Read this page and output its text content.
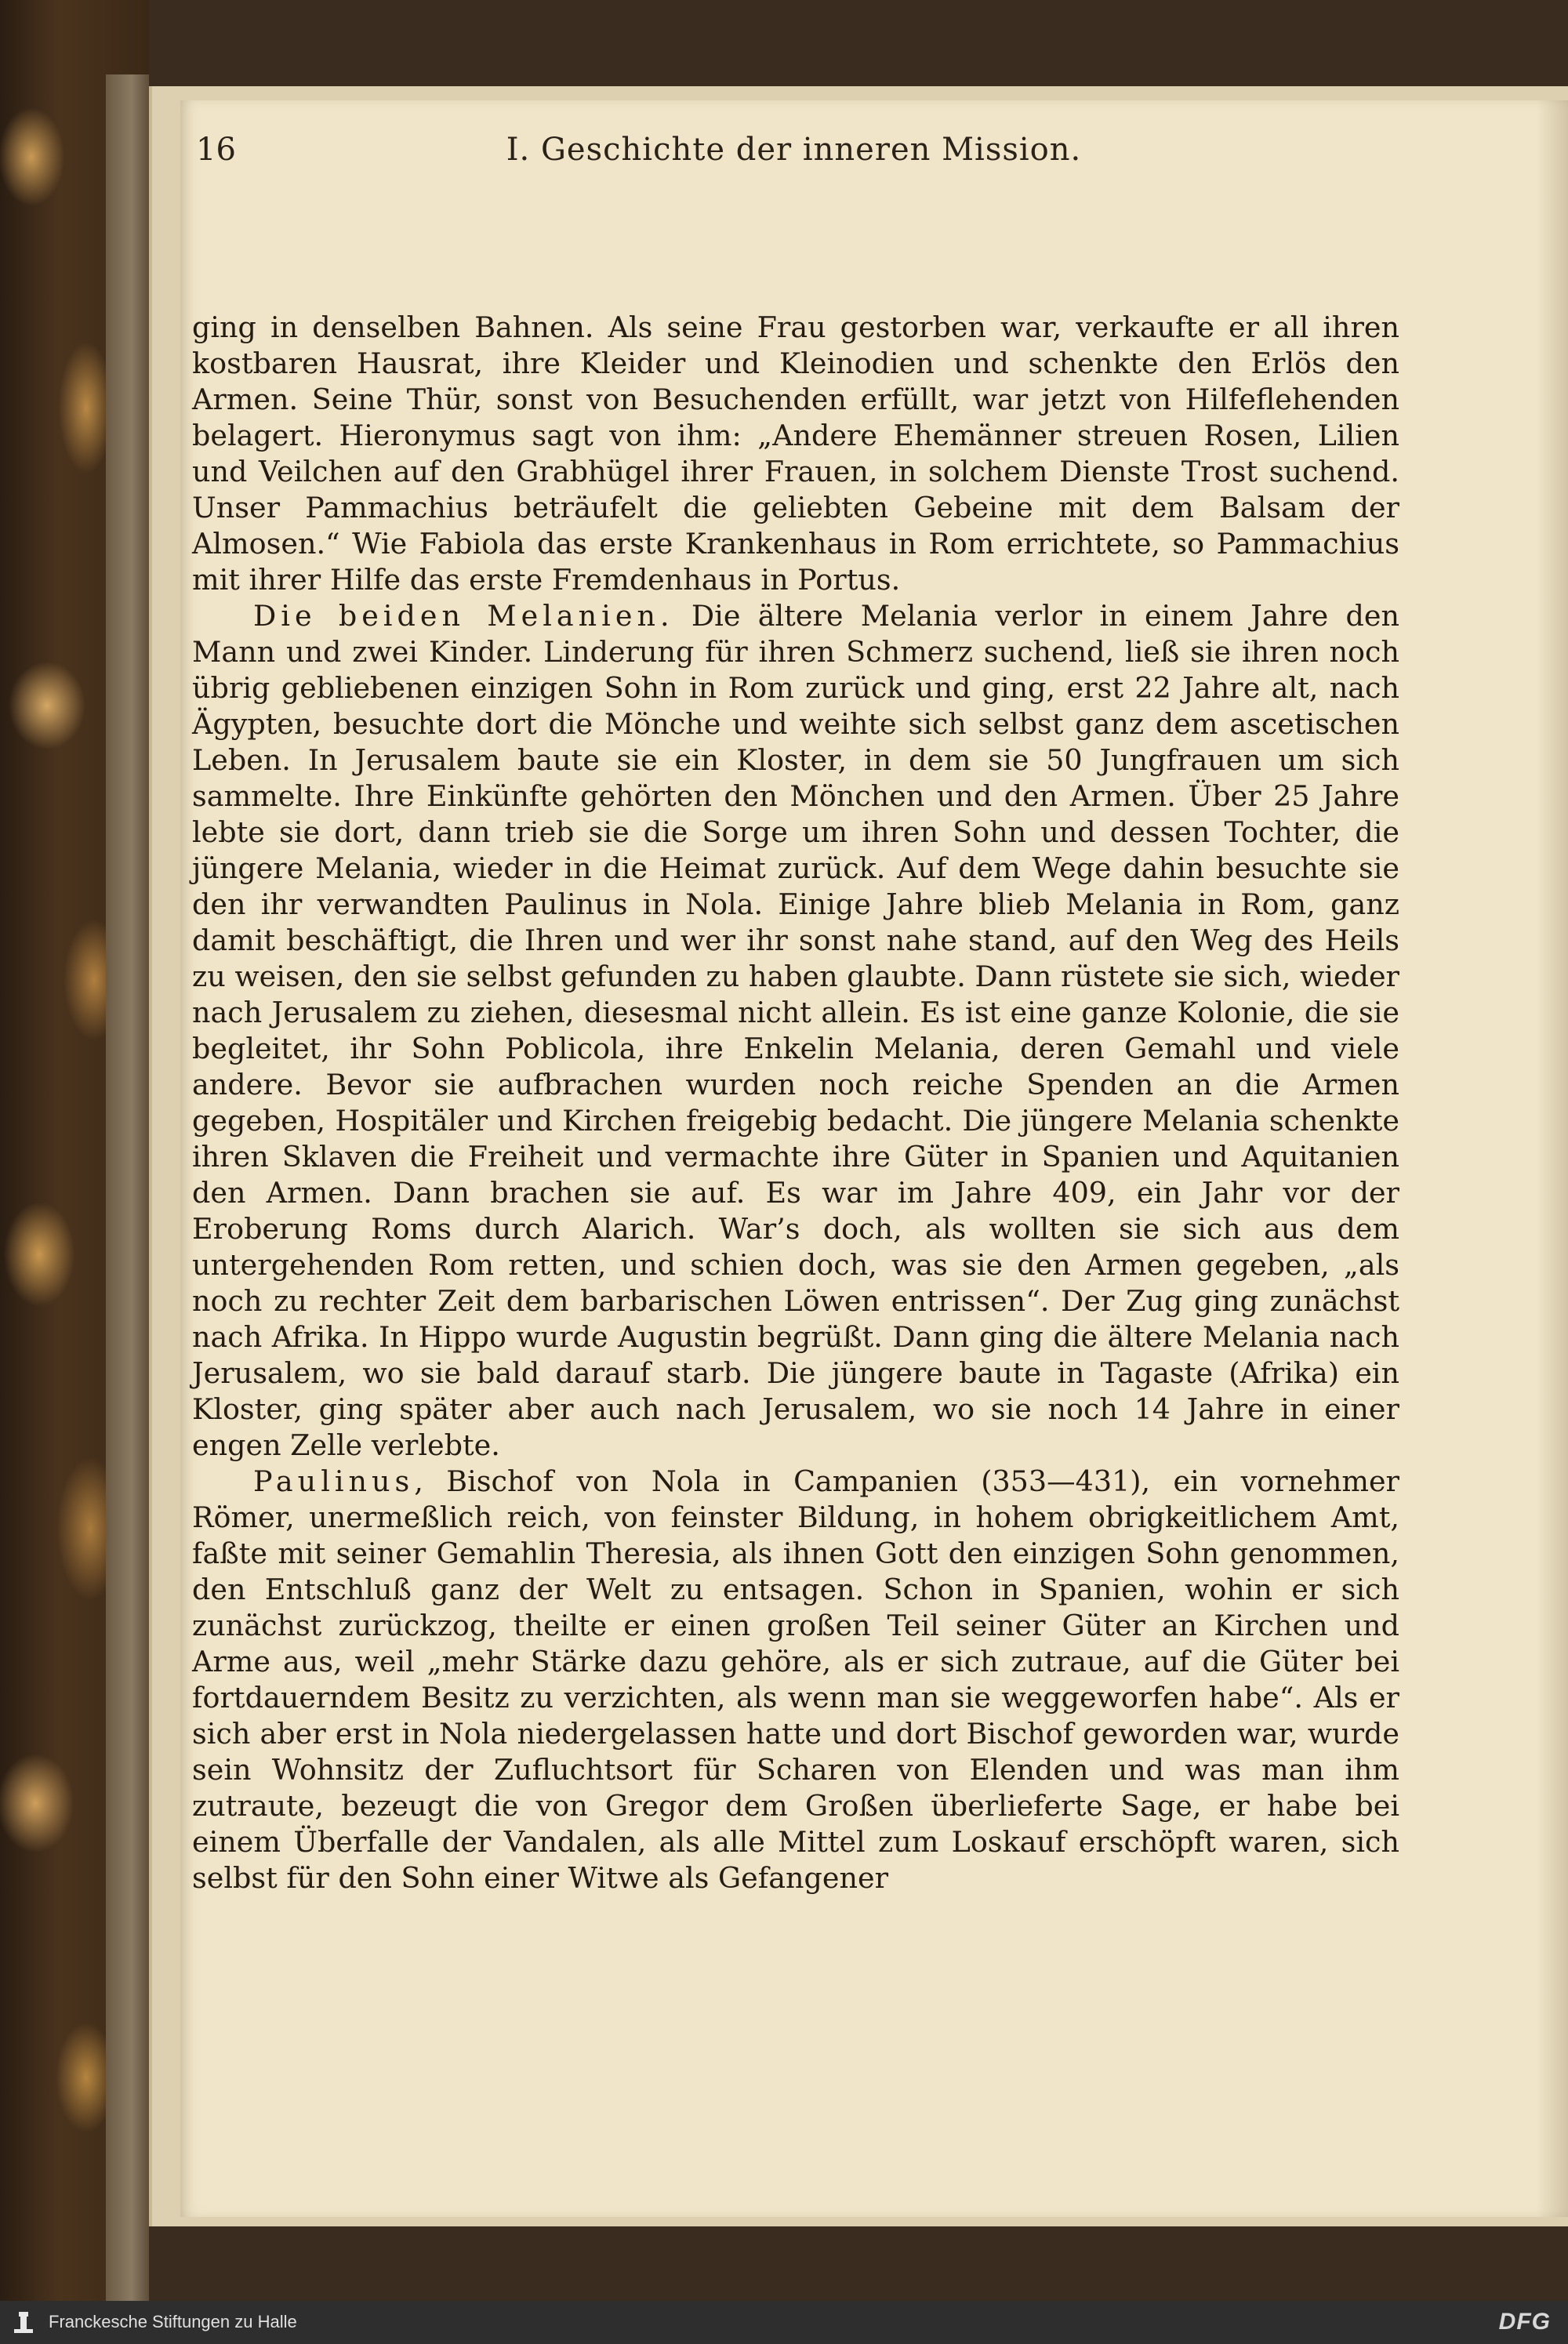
16	I. Geschichte der inneren Mission.

ging in denselben Bahnen. Als seine Frau gestorben war, verkaufte er all ihren kostbaren Hausrat, ihre Kleider und Kleinodien und schenkte den Erlös den Armen. Seine Thür, sonst von Besuchenden erfüllt, war jetzt von Hilfeflehenden belagert. Hieronymus sagt von ihm: „Andere Ehemänner streuen Rosen, Lilien und Veilchen auf den Grabhügel ihrer Frauen, in solchem Dienste Trost suchend. Unser Pammachius beträufelt die geliebten Gebeine mit dem Balsam der Almosen.“ Wie Fabiola das erste Krankenhaus in Rom errichtete, so Pammachius mit ihrer Hilfe das erste Fremdenhaus in Portus.

Die beiden Melanien. Die ältere Melania verlor in einem Jahre den Mann und zwei Kinder. Linderung für ihren Schmerz suchend, ließ sie ihren noch übrig gebliebenen einzigen Sohn in Rom zurück und ging, erst 22 Jahre alt, nach Ägypten, besuchte dort die Mönche und weihte sich selbst ganz dem ascetischen Leben. In Jerusalem baute sie ein Kloster, in dem sie 50 Jungfrauen um sich sammelte. Ihre Einkünfte gehörten den Mönchen und den Armen. Über 25 Jahre lebte sie dort, dann trieb sie die Sorge um ihren Sohn und dessen Tochter, die jüngere Melania, wieder in die Heimat zurück. Auf dem Wege dahin besuchte sie den ihr verwandten Paulinus in Nola. Einige Jahre blieb Melania in Rom, ganz damit beschäftigt, die Ihren und wer ihr sonst nahe stand, auf den Weg des Heils zu weisen, den sie selbst gefunden zu haben glaubte. Dann rüstete sie sich, wieder nach Jerusalem zu ziehen, diesesmal nicht allein. Es ist eine ganze Kolonie, die sie begleitet, ihr Sohn Poblicola, ihre Enkelin Melania, deren Gemahl und viele andere. Bevor sie aufbrachen wurden noch reiche Spenden an die Armen gegeben, Hospitäler und Kirchen freigebig bedacht. Die jüngere Melania schenkte ihren Sklaven die Freiheit und vermachte ihre Güter in Spanien und Aquitanien den Armen. Dann brachen sie auf. Es war im Jahre 409, ein Jahr vor der Eroberung Roms durch Alarich. War’s doch, als wollten sie sich aus dem untergehenden Rom retten, und schien doch, was sie den Armen gegeben, „als noch zu rechter Zeit dem barbarischen Löwen entrissen“. Der Zug ging zunächst nach Afrika. In Hippo wurde Augustin begrüßt. Dann ging die ältere Melania nach Jerusalem, wo sie bald darauf starb. Die jüngere baute in Tagaste (Afrika) ein Kloster, ging später aber auch nach Jerusalem, wo sie noch 14 Jahre in einer engen Zelle verlebte.

Paulinus, Bischof von Nola in Campanien (353—431), ein vornehmer Römer, unermeßlich reich, von feinster Bildung, in hohem obrigkeitlichem Amt, faßte mit seiner Gemahlin Theresia, als ihnen Gott den einzigen Sohn genommen, den Entschluß ganz der Welt zu entsagen. Schon in Spanien, wohin er sich zunächst zurückzog, theilte er einen großen Teil seiner Güter an Kirchen und Arme aus, weil „mehr Stärke dazu gehöre, als er sich zutraue, auf die Güter bei fortdauerndem Besitz zu verzichten, als wenn man sie weggeworfen habe“. Als er sich aber erst in Nola niedergelassen hatte und dort Bischof geworden war, wurde sein Wohnsitz der Zufluchtsort für Scharen von Elenden und was man ihm zutraute, bezeugt die von Gregor dem Großen überlieferte Sage, er habe bei einem Überfalle der Vandalen, als alle Mittel zum Loskauf erschöpft waren, sich selbst für den Sohn einer Witwe als Gefangener

Franckesche Stiftungen zu Halle	DFG
